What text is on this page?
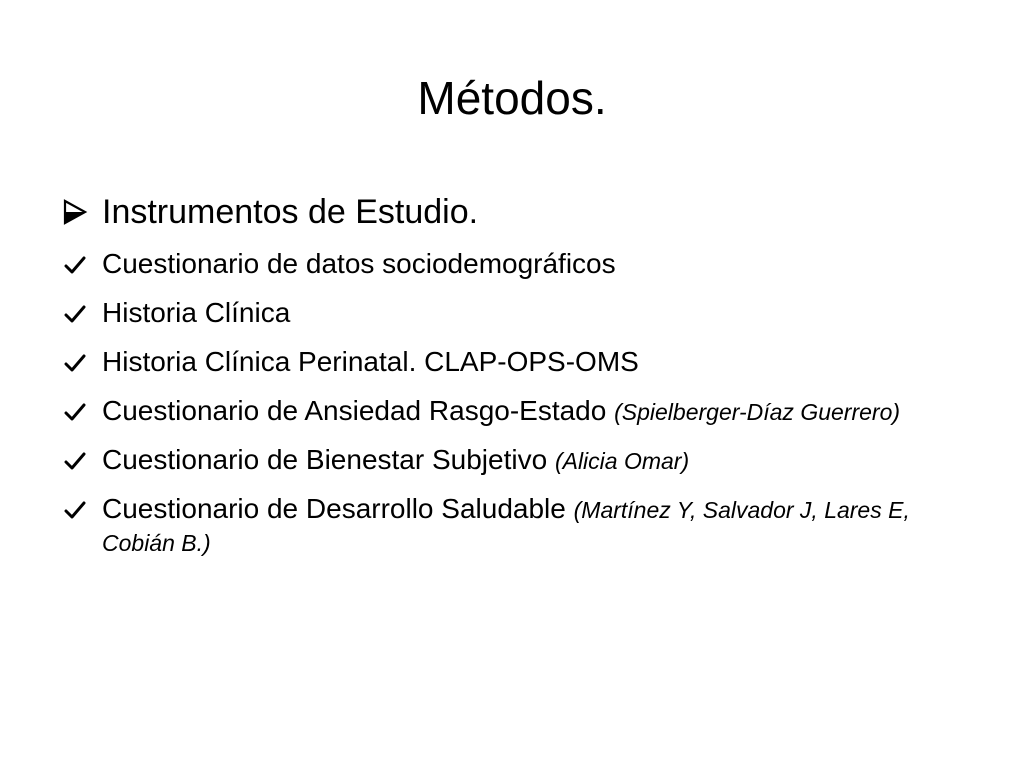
Métodos.
Instrumentos de Estudio.
Cuestionario de datos sociodemográficos
Historia Clínica
Historia Clínica Perinatal. CLAP-OPS-OMS
Cuestionario de Ansiedad Rasgo-Estado (Spielberger-Díaz Guerrero)
Cuestionario de Bienestar Subjetivo (Alicia Omar)
Cuestionario de Desarrollo Saludable (Martínez Y, Salvador J, Lares E, Cobián B.)
